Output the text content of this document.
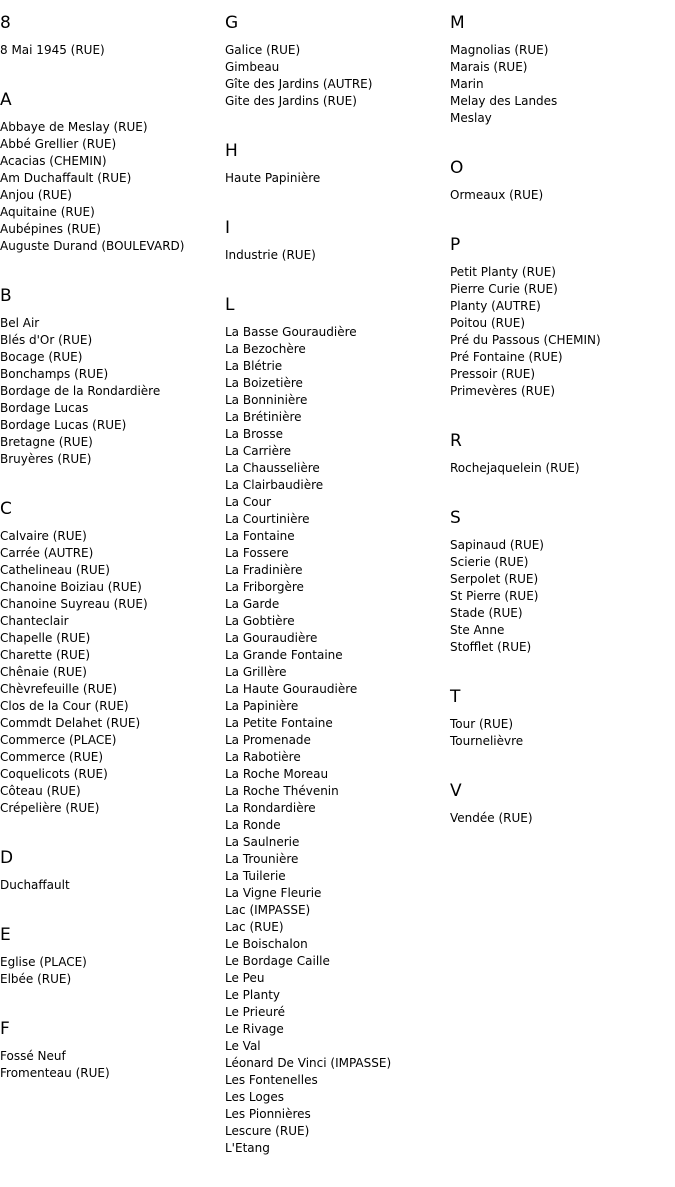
8
8 Mai 1945 (RUE)
A
Abbaye de Meslay (RUE)
Abbé Grellier (RUE)
Acacias (CHEMIN)
Am Duchaffault (RUE)
Anjou (RUE)
Aquitaine (RUE)
Aubépines (RUE)
Auguste Durand (BOULEVARD)
B
Bel Air
Blés d'Or (RUE)
Bocage (RUE)
Bonchamps (RUE)
Bordage de la Rondardière
Bordage Lucas
Bordage Lucas (RUE)
Bretagne (RUE)
Bruyères (RUE)
C
Calvaire (RUE)
Carrée (AUTRE)
Cathelineau (RUE)
Chanoine Boiziau (RUE)
Chanoine Suyreau (RUE)
Chanteclair
Chapelle (RUE)
Charette (RUE)
Chênaie (RUE)
Chèvrefeuille (RUE)
Clos de la Cour (RUE)
Commdt Delahet (RUE)
Commerce (PLACE)
Commerce (RUE)
Coquelicots (RUE)
Côteau (RUE)
Crépelière (RUE)
D
Duchaffault
E
Eglise (PLACE)
Elbée (RUE)
F
Fossé Neuf
Fromenteau (RUE)
G
Galice (RUE)
Gimbeau
Gîte des Jardins (AUTRE)
Gite des Jardins (RUE)
H
Haute Papinière
I
Industrie (RUE)
L
La Basse Gouraudière
La Bezochère
La Blétrie
La Boizetière
La Bonninière
La Brétinière
La Brosse
La Carrière
La Chausselière
La Clairbaudière
La Cour
La Courtinière
La Fontaine
La Fossere
La Fradinière
La Friborgère
La Garde
La Gobtière
La Gouraudière
La Grande Fontaine
La Grillère
La Haute Gouraudière
La Papinière
La Petite Fontaine
La Promenade
La Rabotière
La Roche Moreau
La Roche Thévenin
La Rondardière
La Ronde
La Saulnerie
La Trounière
La Tuilerie
La Vigne Fleurie
Lac (IMPASSE)
Lac (RUE)
Le Boischalon
Le Bordage Caille
Le Peu
Le Planty
Le Prieuré
Le Rivage
Le Val
Léonard De Vinci (IMPASSE)
Les Fontenelles
Les Loges
Les Pionnières
Lescure (RUE)
L'Etang
M
Magnolias (RUE)
Marais (RUE)
Marin
Melay des Landes
Meslay
O
Ormeaux (RUE)
P
Petit Planty (RUE)
Pierre Curie (RUE)
Planty (AUTRE)
Poitou (RUE)
Pré du Passous (CHEMIN)
Pré Fontaine (RUE)
Pressoir (RUE)
Primevères (RUE)
R
Rochejaquelein (RUE)
S
Sapinaud (RUE)
Scierie (RUE)
Serpolet (RUE)
St Pierre (RUE)
Stade (RUE)
Ste Anne
Stofflet (RUE)
T
Tour (RUE)
Tournelièvre
V
Vendée (RUE)
